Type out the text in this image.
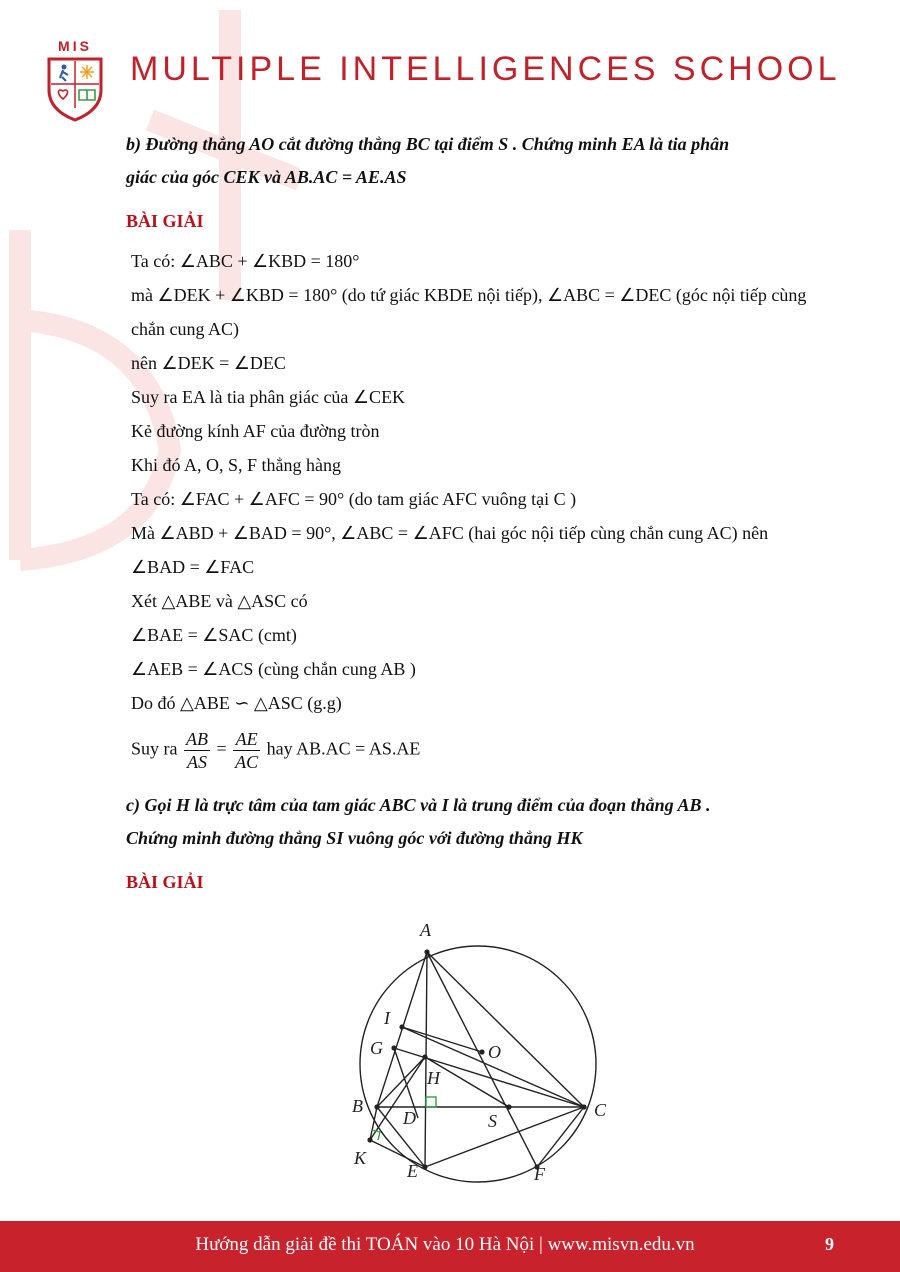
MIS
MULTIPLE INTELLIGENCES SCHOOL
b) Đường thẳng AO cắt đường thẳng BC tại điểm S . Chứng minh EA là tia phân
giác của góc CEK và AB.AC = AE.AS
BÀI GIẢI
Ta có: ∠ABC + ∠KBD = 180°
mà ∠DEK + ∠KBD = 180° (do tứ giác KBDE nội tiếp), ∠ABC = ∠DEC (góc nội tiếp cùng chắn cung AC)
nên ∠DEK = ∠DEC
Suy ra EA là tia phân giác của ∠CEK
Kẻ đường kính AF của đường tròn
Khi đó A, O, S, F thẳng hàng
Ta có: ∠FAC + ∠AFC = 90° (do tam giác AFC vuông tại C )
Mà ∠ABD + ∠BAD = 90°, ∠ABC = ∠AFC (hai góc nội tiếp cùng chắn cung AC) nên
∠BAD = ∠FAC
Xét △ABE và △ASC có
∠BAE = ∠SAC (cmt)
∠AEB = ∠ACS (cùng chắn cung AB )
Do đó △ABE ∽ △ASC (g.g)
Suy ra $\frac{AB}{AS} = \frac{AE}{AC}$ hay AB.AC = AS.AE
c) Gọi H là trực tâm của tam giác ABC và I là trung điểm của đoạn thẳng AB .
Chứng minh đường thẳng SI vuông góc với đường thẳng HK
BÀI GIẢI
A
I
G	O
H
B
D	S
C
K
E	F
Hướng dẫn giải đề thi TOÁN vào 10 Hà Nội | www.misvn.edu.vn	9
